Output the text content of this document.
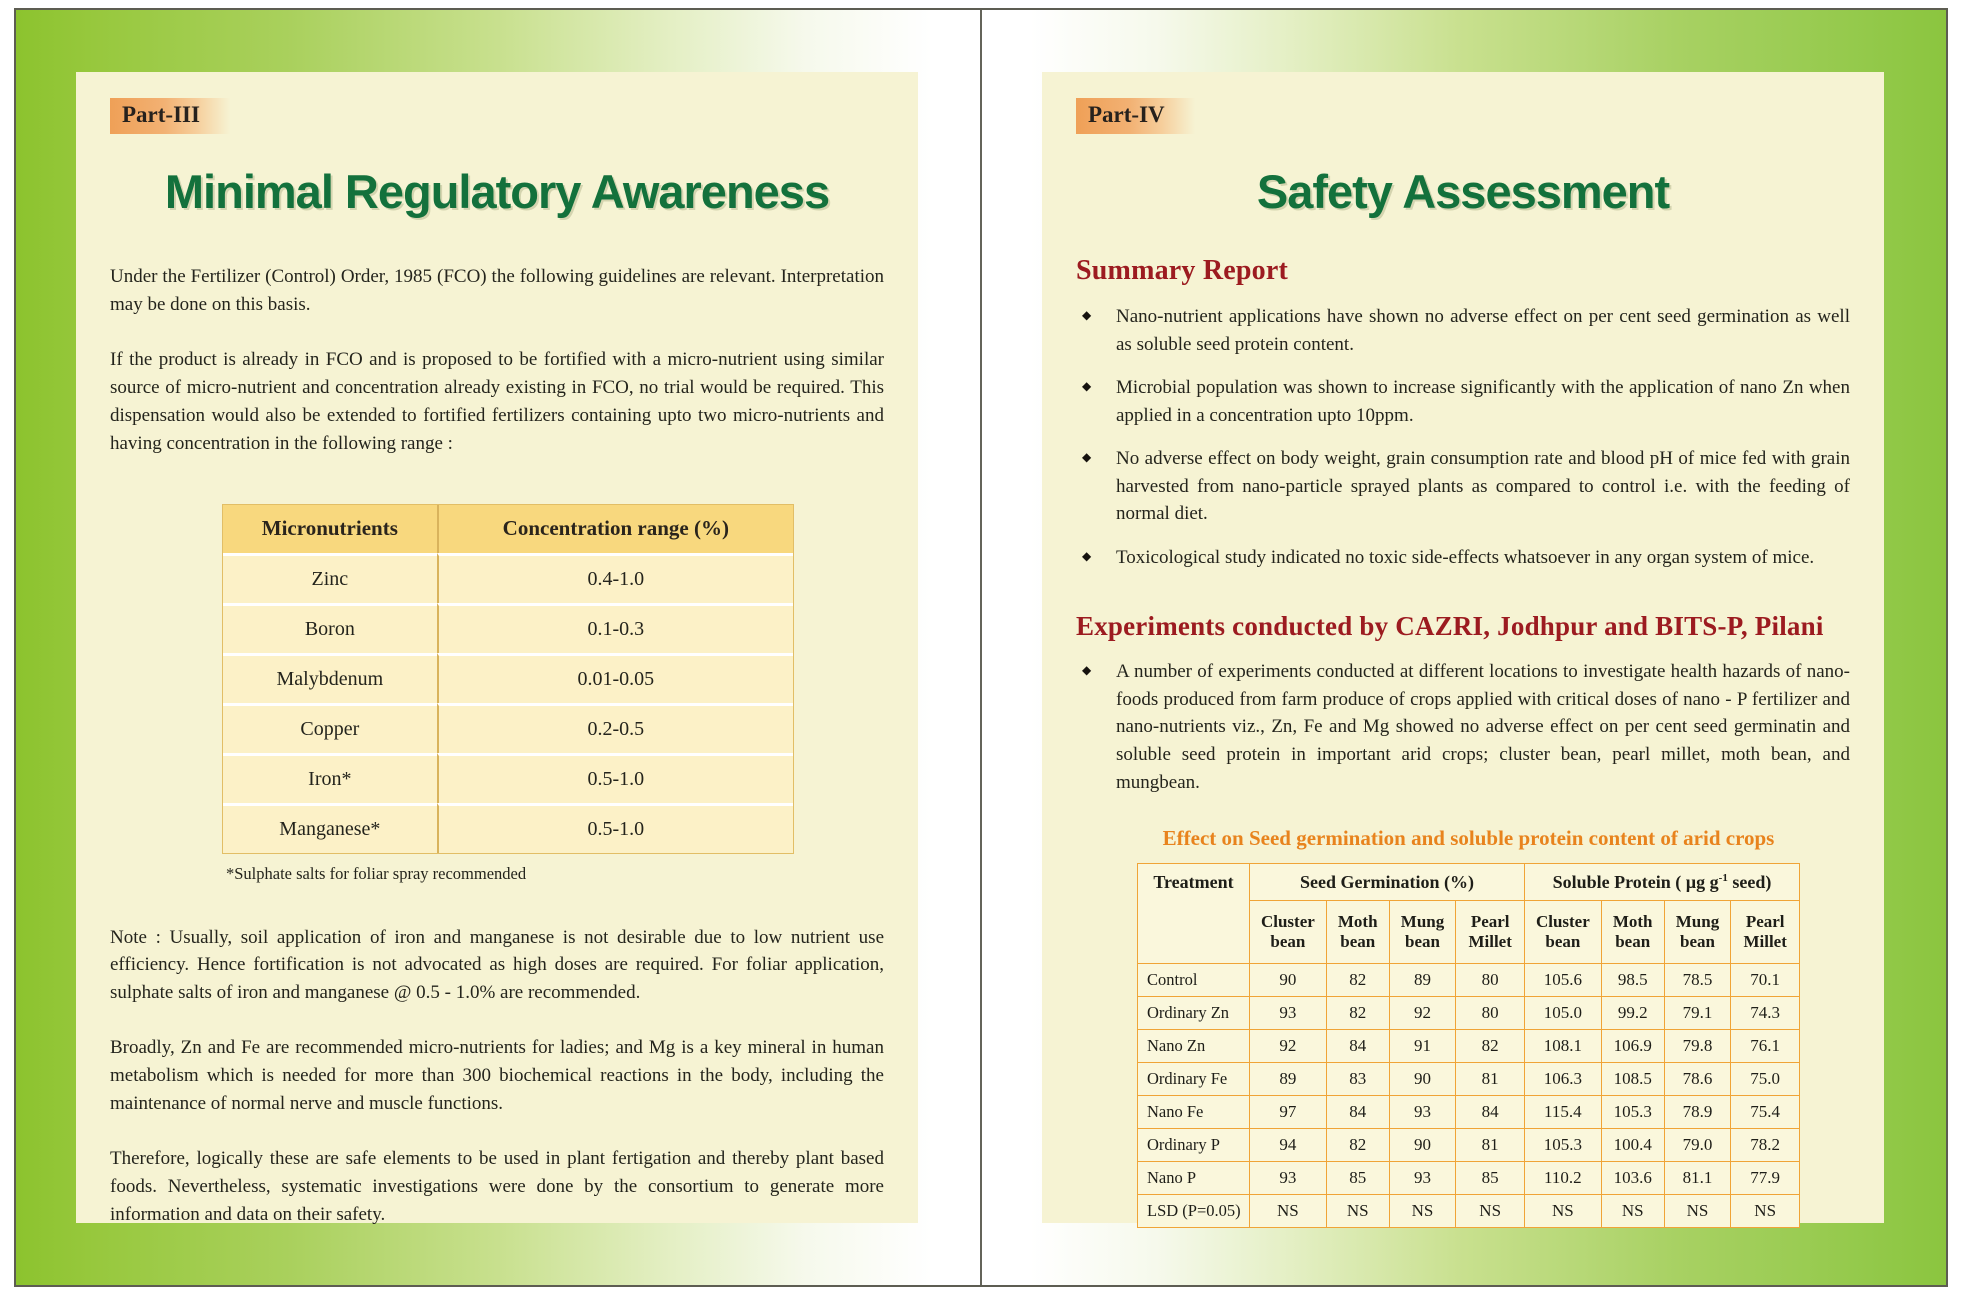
Part-III
Minimal Regulatory Awareness

Under the Fertilizer (Control) Order, 1985 (FCO) the following guidelines are relevant. Interpretation may be done on this basis.

If the product is already in FCO and is proposed to be fortified with a micro-nutrient using similar source of micro-nutrient and concentration already existing in FCO, no trial would be required. This dispensation would also be extended to fortified fertilizers containing upto two micro-nutrients and having concentration in the following range :

Micronutrients	Concentration range (%)
Zinc	0.4-1.0
Boron	0.1-0.3
Malybdenum	0.01-0.05
Copper	0.2-0.5
Iron*	0.5-1.0
Manganese*	0.5-1.0
*Sulphate salts for foliar spray recommended

Note : Usually, soil application of iron and manganese is not desirable due to low nutrient use efficiency. Hence fortification is not advocated as high doses are required. For foliar application, sulphate salts of iron and manganese @ 0.5 - 1.0% are recommended.

Broadly, Zn and Fe are recommended micro-nutrients for ladies; and Mg is a key mineral in human metabolism which is needed for more than 300 biochemical reactions in the body, including the maintenance of normal nerve and muscle functions.

Therefore, logically these are safe elements to be used in plant fertigation and thereby plant based foods. Nevertheless, systematic investigations were done by the consortium to generate more information and data on their safety.

Part-IV
Safety Assessment
Summary Report
◆ Nano-nutrient applications have shown no adverse effect on per cent seed germination as well as soluble seed protein content.
◆ Microbial population was shown to increase significantly with the application of nano Zn when applied in a concentration upto 10ppm.
◆ No adverse effect on body weight, grain consumption rate and blood pH of mice fed with grain harvested from nano-particle sprayed plants as compared to control i.e. with the feeding of normal diet.
◆ Toxicological study indicated no toxic side-effects whatsoever in any organ system of mice.
Experiments conducted by CAZRI, Jodhpur and BITS-P, Pilani
◆ A number of experiments conducted at different locations to investigate health hazards of nano-foods produced from farm produce of crops applied with critical doses of nano - P fertilizer and nano-nutrients viz., Zn, Fe and Mg showed no adverse effect on per cent seed germinatin and soluble seed protein in important arid crops; cluster bean, pearl millet, moth bean, and mungbean.
Effect on Seed germination and soluble protein content of arid crops
Treatment	Seed Germination (%)				Soluble Protein ( µg $g^{-1}$ seed)			
	Cluster bean	Moth bean	Mung bean	Pearl Millet	Cluster bean	Moth bean	Mung bean	Pearl Millet
Control	90	82	89	80	105.6	98.5	78.5	70.1
Ordinary Zn	93	82	92	80	105.0	99.2	79.1	74.3
Nano Zn	92	84	91	82	108.1	106.9	79.8	76.1
Ordinary Fe	89	83	90	81	106.3	108.5	78.6	75.0
Nano Fe	97	84	93	84	115.4	105.3	78.9	75.4
Ordinary P	94	82	90	81	105.3	100.4	79.0	78.2
Nano P	93	85	93	85	110.2	103.6	81.1	77.9
LSD (P=0.05)	NS	NS	NS	NS	NS	NS	NS	NS
